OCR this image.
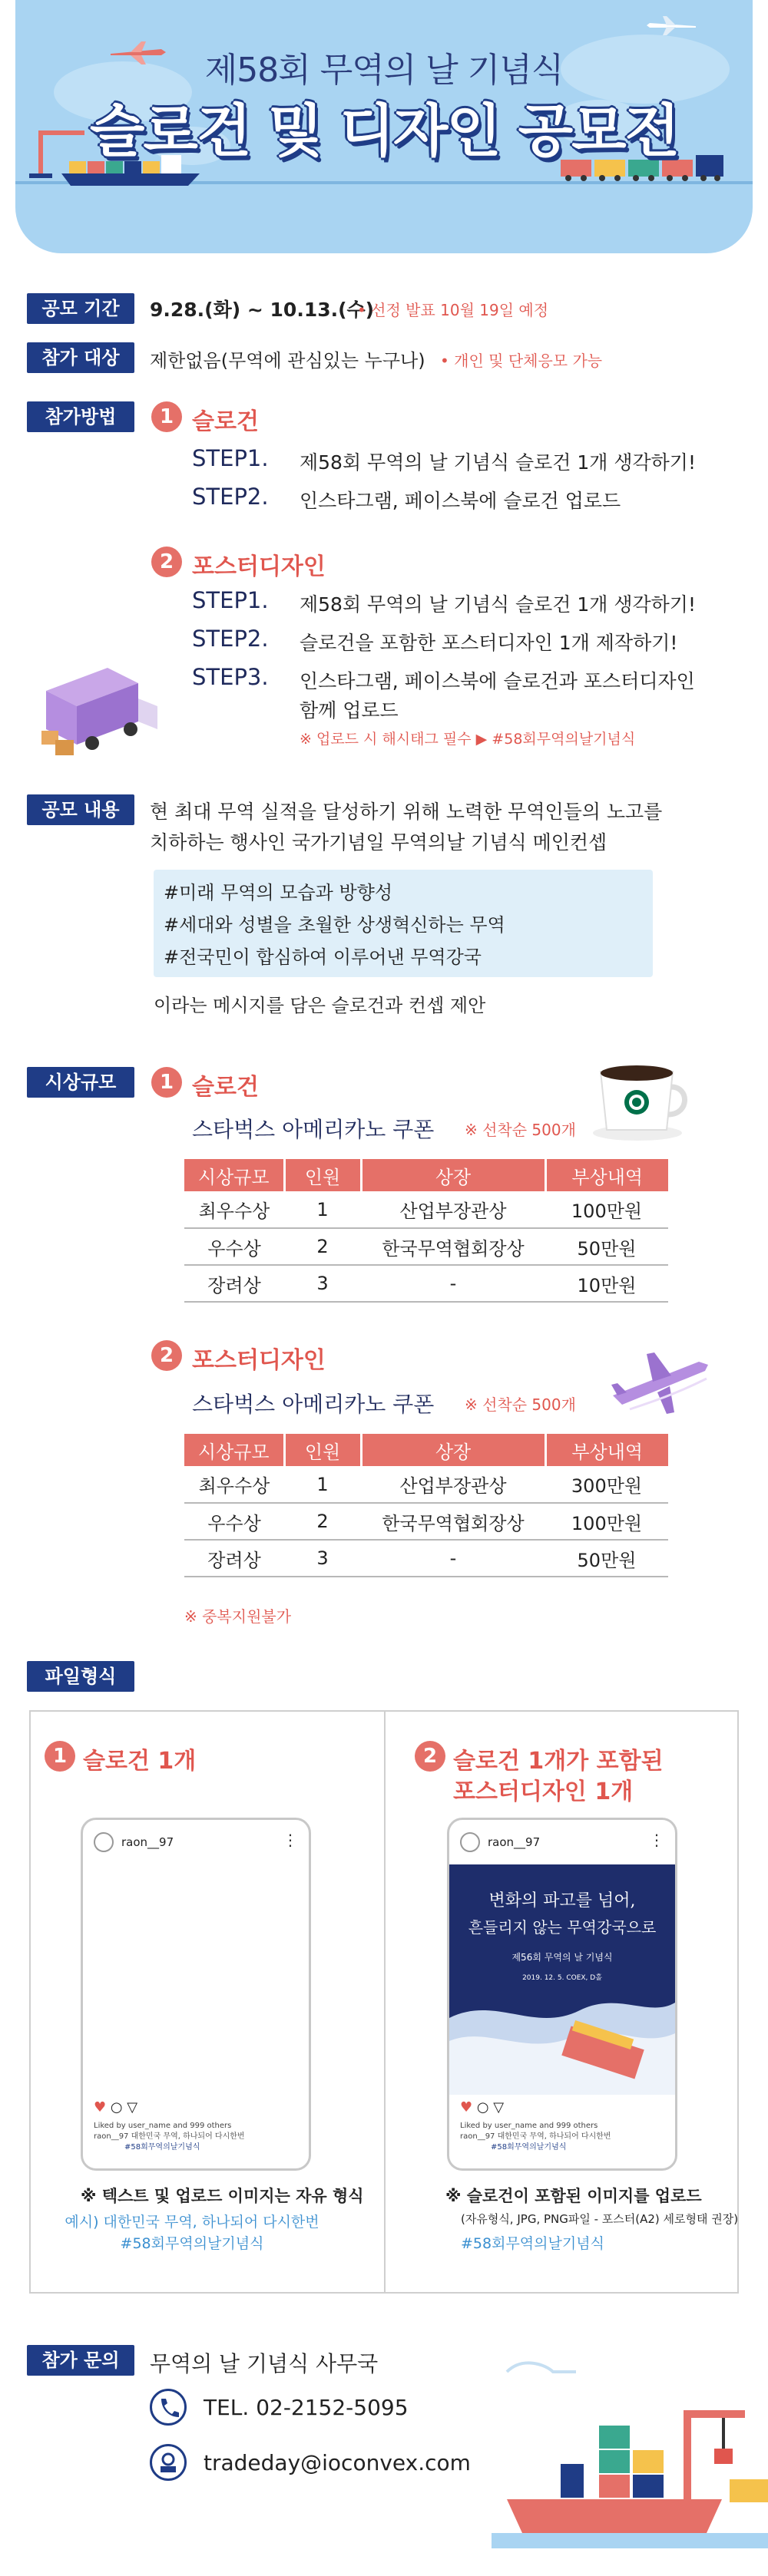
제58회 무역의 날 기념식
슬로건 및 디자인 공모전
공모 기간	9.28.(화) ~ 10.13.(수)
• 선정 발표 10월 19일 예정
참가 대상	제한없음(무역에 관심있는 누구나) • 개인 및 단체응모 가능
참가방법	1 슬로건
STEP1. 제58회 무역의 날 기념식 슬로건 1개 생각하기!
STEP2. 인스타그램, 페이스북에 슬로건 업로드
2 포스터디자인
STEP1. 제58회 무역의 날 기념식 슬로건 1개 생각하기!
STEP2. 슬로건을 포함한 포스터디자인 1개 제작하기!
STEP3. 인스타그램, 페이스북에 슬로건과 포스터디자인
함께 업로드
※ 업로드 시 해시태그 필수 ▶ #58회무역의날기념식
공모 내용	현 최대 무역 실적을 달성하기 위해 노력한 무역인들의 노고를
치하하는 행사인 국가기념일 무역의날 기념식 메인컨셉
#미래 무역의 모습과 방향성
#세대와 성별을 초월한 상생혁신하는 무역
#전국민이 합심하여 이루어낸 무역강국
이라는 메시지를 담은 슬로건과 컨셉 제안
시상규모	1 슬로건
스타벅스 아메리카노 쿠폰 ※ 선착순 500개
시상규모	인원	상장	부상내역
최우수상	1	산업부장관상	100만원
우수상	2	한국무역협회장상	50만원
장려상	3	-	10만원
2 포스터디자인
스타벅스 아메리카노 쿠폰 ※ 선착순 500개
시상규모	인원	상장	부상내역
최우수상	1	산업부장관상	300만원
우수상	2	한국무역협회장상	100만원
장려상	3	-	50만원
※ 중복지원불가
파일형식
1 슬로건 1개
raon__97	⋮
♥ ○ ▽
Liked by user_name and 999 others
raon__97 대한민국 무역, 하나되어 다시한번
#58회무역의날기념식
※ 텍스트 및 업로드 이미지는 자유 형식
예시) 대한민국 무역, 하나되어 다시한번
#58회무역의날기념식
2 슬로건 1개가 포함된
포스터디자인 1개
raon__97	⋮
변화의 파고를 넘어,
흔들리지 않는 무역강국으로
제56회 무역의 날 기념식
2019. 12. 5. COEX, D홀
♥ ○ ▽
Liked by user_name and 999 others
raon__97 대한민국 무역, 하나되어 다시한번
#58회무역의날기념식
※ 슬로건이 포함된 이미지를 업로드
(자유형식, JPG, PNG파일 - 포스터(A2) 세로형태 권장)
#58회무역의날기념식
참가 문의	무역의 날 기념식 사무국
TEL. 02-2152-5095
tradeday@ioconvex.com
